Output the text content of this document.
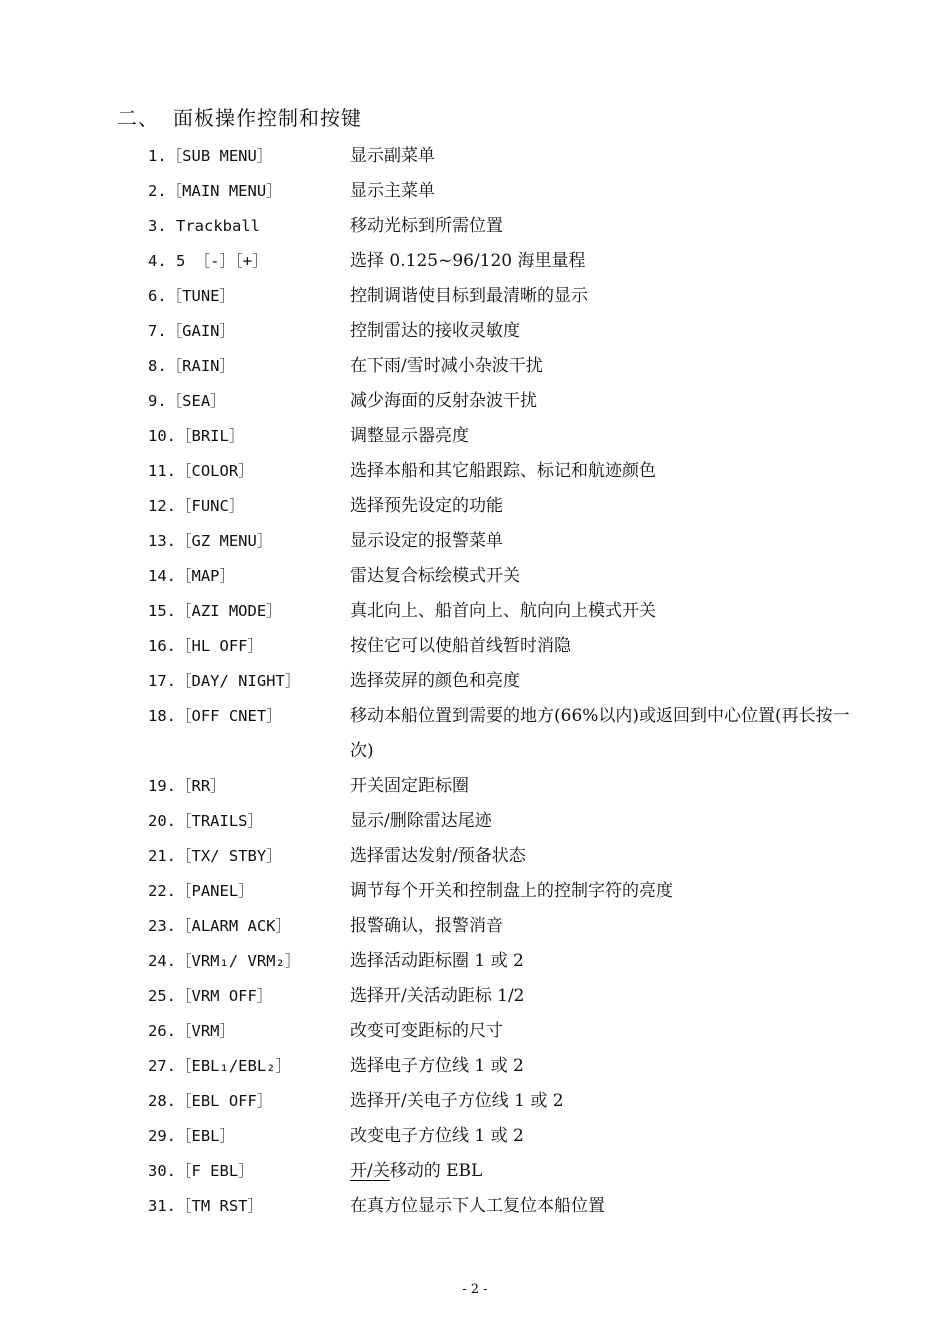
二、 面板操作控制和按键
1.［SUB MENU］	显示副菜单
2.［MAIN MENU］	显示主菜单
3. Trackball	移动光标到所需位置
4. 5 ［-］［+］	选择 0.125~96/120 海里量程
6.［TUNE］	控制调谐使目标到最清晰的显示
7.［GAIN］	控制雷达的接收灵敏度
8.［RAIN］	在下雨/雪时减小杂波干扰
9.［SEA］	减少海面的反射杂波干扰
10.［BRIL］	调整显示器亮度
11.［COLOR］	选择本船和其它船跟踪、标记和航迹颜色
12.［FUNC］	选择预先设定的功能
13.［GZ MENU］	显示设定的报警菜单
14.［MAP］	雷达复合标绘模式开关
15.［AZI MODE］	真北向上、船首向上、航向向上模式开关
16.［HL OFF］	按住它可以使船首线暂时消隐
17.［DAY/ NIGHT］	选择荧屏的颜色和亮度
18.［OFF CNET］	移动本船位置到需要的地方(66%以内)或返回到中心位置(再长按一次)
19.［RR］	开关固定距标圈
20.［TRAILS］	显示/删除雷达尾迹
21.［TX/ STBY］	选择雷达发射/预备状态
22.［PANEL］	调节每个开关和控制盘上的控制字符的亮度
23.［ALARM ACK］	报警确认，报警消音
24.［VRM₁/ VRM₂］	选择活动距标圈 1 或 2
25.［VRM OFF］	选择开/关活动距标 1/2
26.［VRM］	改变可变距标的尺寸
27.［EBL₁/EBL₂］	选择电子方位线 1 或 2
28.［EBL OFF］	选择开/关电子方位线 1 或 2
29.［EBL］	改变电子方位线 1 或 2
30.［F EBL］	开/关移动的 EBL
31.［TM RST］	在真方位显示下人工复位本船位置
- 2 -
